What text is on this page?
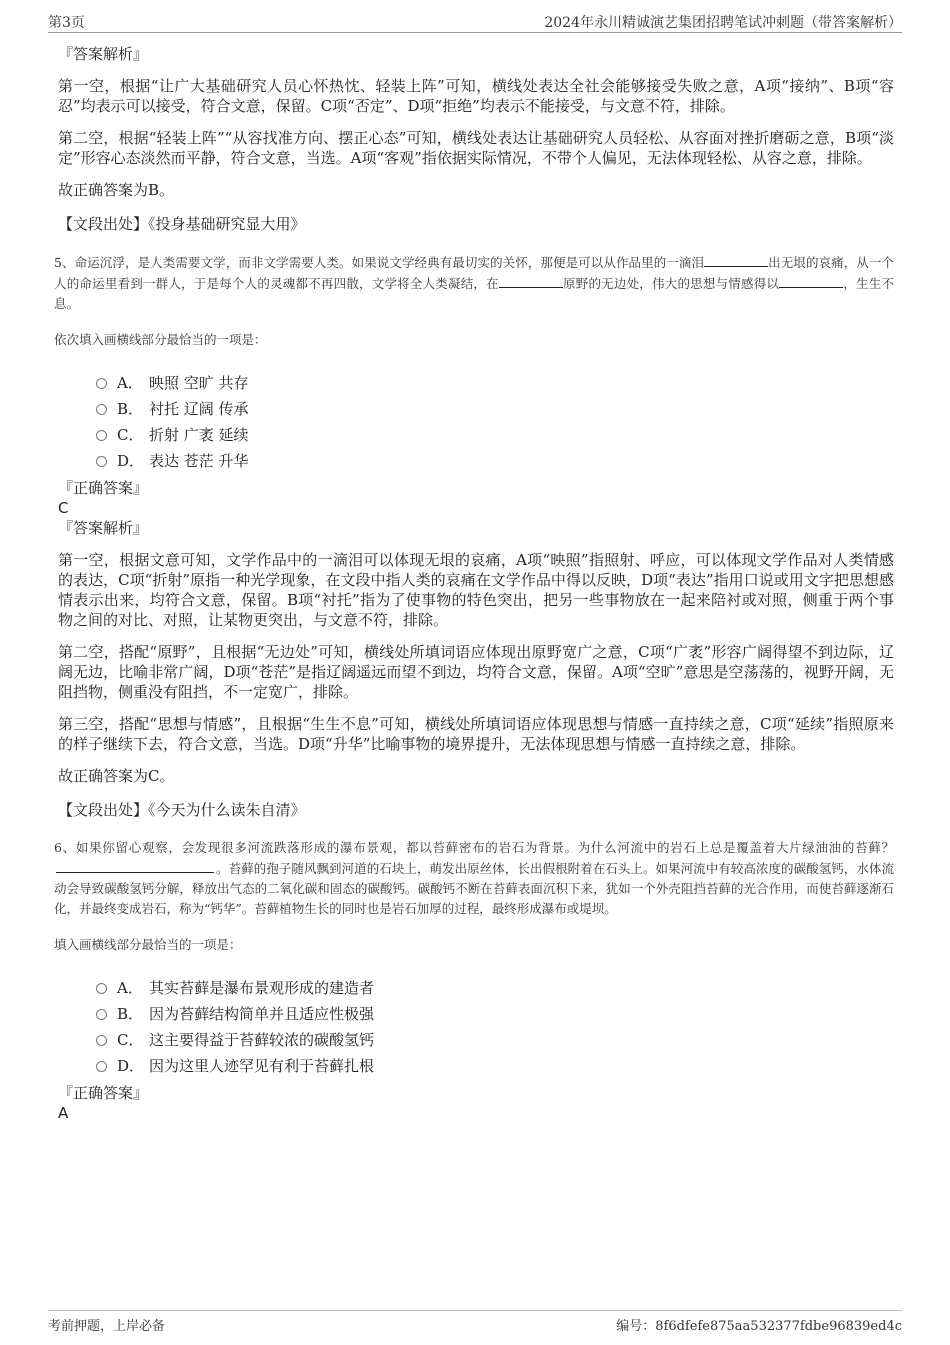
第3页	2024年永川精诚演艺集团招聘笔试冲刺题（带答案解析）

『答案解析』

第一空，根据“让广大基础研究人员心怀热忱、轻装上阵”可知，横线处表达全社会能够接受失败之意，A项“接纳”、B项“容忍”均表示可以接受，符合文意，保留。C项“否定”、D项“拒绝”均表示不能接受，与文意不符，排除。

第二空，根据“轻装上阵”“从容找准方向、摆正心态”可知，横线处表达让基础研究人员轻松、从容面对挫折磨砺之意，B项“淡定”形容心态淡然而平静，符合文意，当选。A项“客观”指依据实际情况，不带个人偏见，无法体现轻松、从容之意，排除。

故正确答案为B。

【文段出处】《投身基础研究显大用》

5、命运沉浮，是人类需要文学，而非文学需要人类。如果说文学经典有最切实的关怀，那便是可以从作品里的一滴泪	出无垠的哀痛，从一个人的命运里看到一群人，于是每个人的灵魂都不再四散，文学将全人类凝结，在	原野的无边处，伟大的思想与情感得以	，生生不息。

依次填入画横线部分最恰当的一项是：

A． 映照 空旷 共存
B． 衬托 辽阔 传承
C． 折射 广袤 延续
D． 表达 苍茫 升华

『正确答案』

C

『答案解析』

第一空，根据文意可知，文学作品中的一滴泪可以体现无垠的哀痛，A项“映照”指照射、呼应，可以体现文学作品对人类情感的表达，C项“折射”原指一种光学现象，在文段中指人类的哀痛在文学作品中得以反映，D项“表达”指用口说或用文字把思想感情表示出来，均符合文意，保留。B项“衬托”指为了使事物的特色突出，把另一些事物放在一起来陪衬或对照，侧重于两个事物之间的对比、对照，让某物更突出，与文意不符，排除。

第二空，搭配“原野”，且根据“无边处”可知，横线处所填词语应体现出原野宽广之意，C项“广袤”形容广阔得望不到边际，辽阔无边，比喻非常广阔，D项“苍茫”是指辽阔遥远而望不到边，均符合文意，保留。A项“空旷”意思是空荡荡的，视野开阔，无阻挡物，侧重没有阻挡，不一定宽广，排除。

第三空，搭配“思想与情感”，且根据“生生不息”可知，横线处所填词语应体现思想与情感一直持续之意，C项“延续”指照原来的样子继续下去，符合文意，当选。D项“升华”比喻事物的境界提升，无法体现思想与情感一直持续之意，排除。

故正确答案为C。

【文段出处】《今天为什么读朱自清》

6、如果你留心观察，会发现很多河流跌落形成的瀑布景观，都以苔藓密布的岩石为背景。为什么河流中的岩石上总是覆盖着大片绿油油的苔藓？。苔藓的孢子随风飘到河道的石块上，萌发出原丝体，长出假根附着在石头上。如果河流中有较高浓度的碳酸氢钙，水体流动会导致碳酸氢钙分解，释放出气态的二氧化碳和固态的碳酸钙。碳酸钙不断在苔藓表面沉积下来，犹如一个外壳阻挡苔藓的光合作用，而使苔藓逐渐石化，并最终变成岩石，称为“钙华”。苔藓植物生长的同时也是岩石加厚的过程，最终形成瀑布或堤坝。

填入画横线部分最恰当的一项是：

A． 其实苔藓是瀑布景观形成的建造者
B． 因为苔藓结构简单并且适应性极强
C． 这主要得益于苔藓较浓的碳酸氢钙
D． 因为这里人迹罕见有利于苔藓扎根

『正确答案』

A

考前押题，上岸必备	编号：8f6dfefe875aa532377fdbe96839ed4c
